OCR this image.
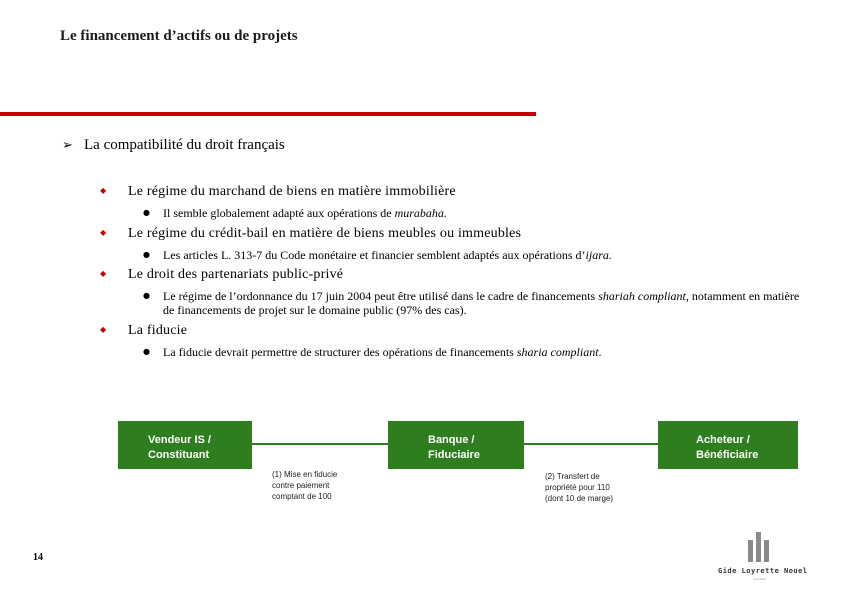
Le financement d’actifs ou de projets
➢ La compatibilité du droit français
◆ Le régime du marchand de biens en matière immobilière
● Il semble globalement adapté aux opérations de murabaha.
◆ Le régime du crédit-bail en matière de biens meubles ou immeubles
● Les articles L. 313-7 du Code monétaire et financier semblent adaptés aux opérations d’ijara.
◆ Le droit des partenariats public-privé
● Le régime de l’ordonnance du 17 juin 2004 peut être utilisé dans le cadre de financements shariah compliant, notamment en matière de financements de projet sur le domaine public (97% des cas).
◆ La fiducie
● La fiducie devrait permettre de structurer des opérations de financements sharia compliant.
Vendeur IS /
Constituant
Banque /
Fiduciaire
Acheteur /
Bénéficiaire
(1) Mise en fiducie
contre paiement
comptant de 100
(2) Transfert de
propriété pour 110
(dont 10 de marge)
14
Gide Loyrette Nouel
A.A.R.P.I
